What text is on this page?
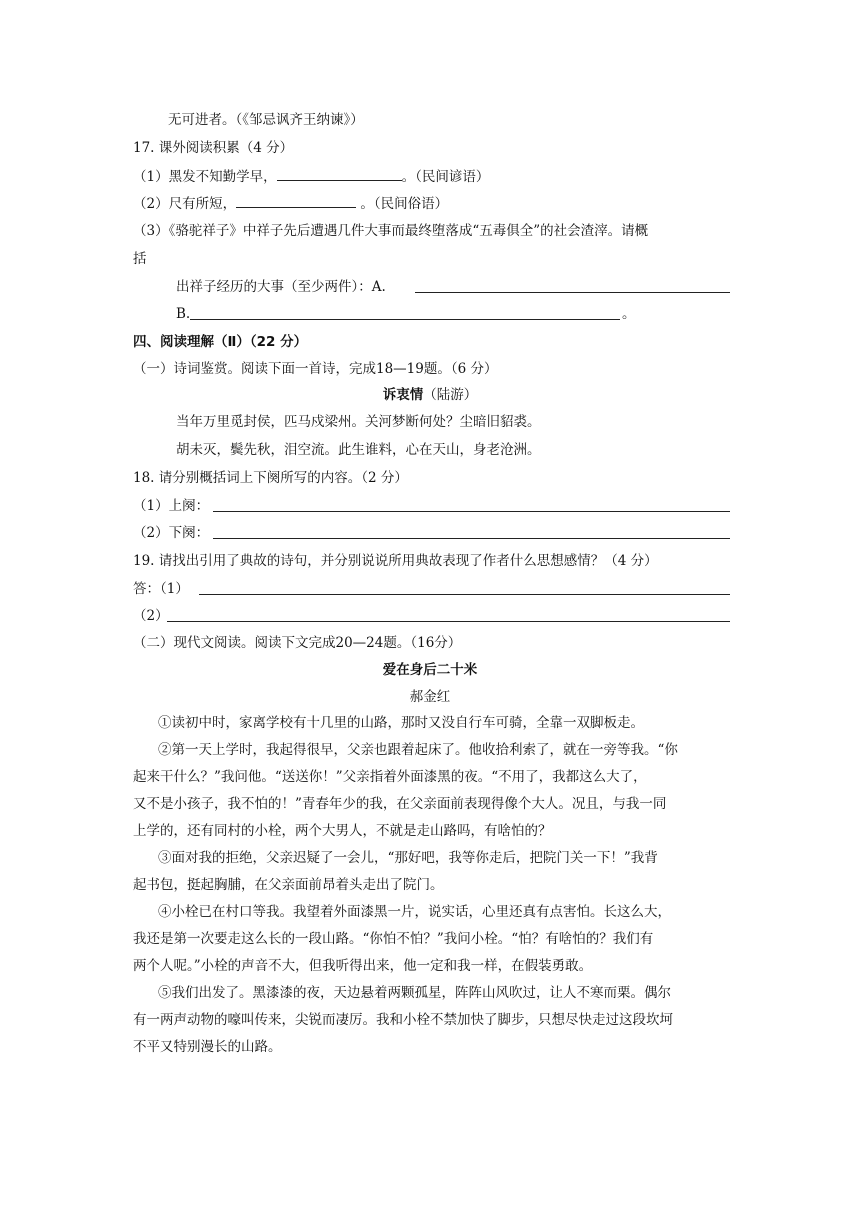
无可进者。（《邹忌讽齐王纳谏》）
17. 课外阅读积累（4 分）
（1）黑发不知勤学早，	。（民间谚语）
（2）尺有所短，	。（民间俗语）
（3）《骆驼祥子》中祥子先后遭遇几件大事而最终堕落成“五毒俱全”的社会渣滓。请概
括
出祥子经历的大事（至少两件）：A.
B.	。
四、阅读理解（Ⅱ）（22 分）
（一）诗词鉴赏。阅读下面一首诗，完成18—19题。（6 分）
诉衷情（陆游）
当年万里觅封侯，匹马戍梁州。关河梦断何处？尘暗旧貂裘。
胡未灭，鬓先秋，泪空流。此生谁料，心在天山，身老沧洲。
18. 请分别概括词上下阕所写的内容。（2 分）
（1）上阕：
（2）下阕：
19. 请找出引用了典故的诗句，并分别说说所用典故表现了作者什么思想感情？（4 分）
答：（1）
（2）
（二）现代文阅读。阅读下文完成20—24题。（16分）
爱在身后二十米
郝金红
①读初中时，家离学校有十几里的山路，那时又没自行车可骑，全靠一双脚板走。
②第一天上学时，我起得很早，父亲也跟着起床了。他收拾利索了，就在一旁等我。“你
起来干什么？”我问他。“送送你！”父亲指着外面漆黑的夜。“不用了，我都这么大了，
又不是小孩子，我不怕的！”青春年少的我，在父亲面前表现得像个大人。况且，与我一同
上学的，还有同村的小栓，两个大男人，不就是走山路吗，有啥怕的？
③面对我的拒绝，父亲迟疑了一会儿，“那好吧，我等你走后，把院门关一下！”我背
起书包，挺起胸脯，在父亲面前昂着头走出了院门。
④小栓已在村口等我。我望着外面漆黑一片，说实话，心里还真有点害怕。长这么大，
我还是第一次要走这么长的一段山路。“你怕不怕？”我问小栓。“怕？有啥怕的？我们有
两个人呢。”小栓的声音不大，但我听得出来，他一定和我一样，在假装勇敢。
⑤我们出发了。黑漆漆的夜，天边悬着两颗孤星，阵阵山风吹过，让人不寒而栗。偶尔
有一两声动物的嚎叫传来，尖锐而凄厉。我和小栓不禁加快了脚步，只想尽快走过这段坎坷
不平又特别漫长的山路。
